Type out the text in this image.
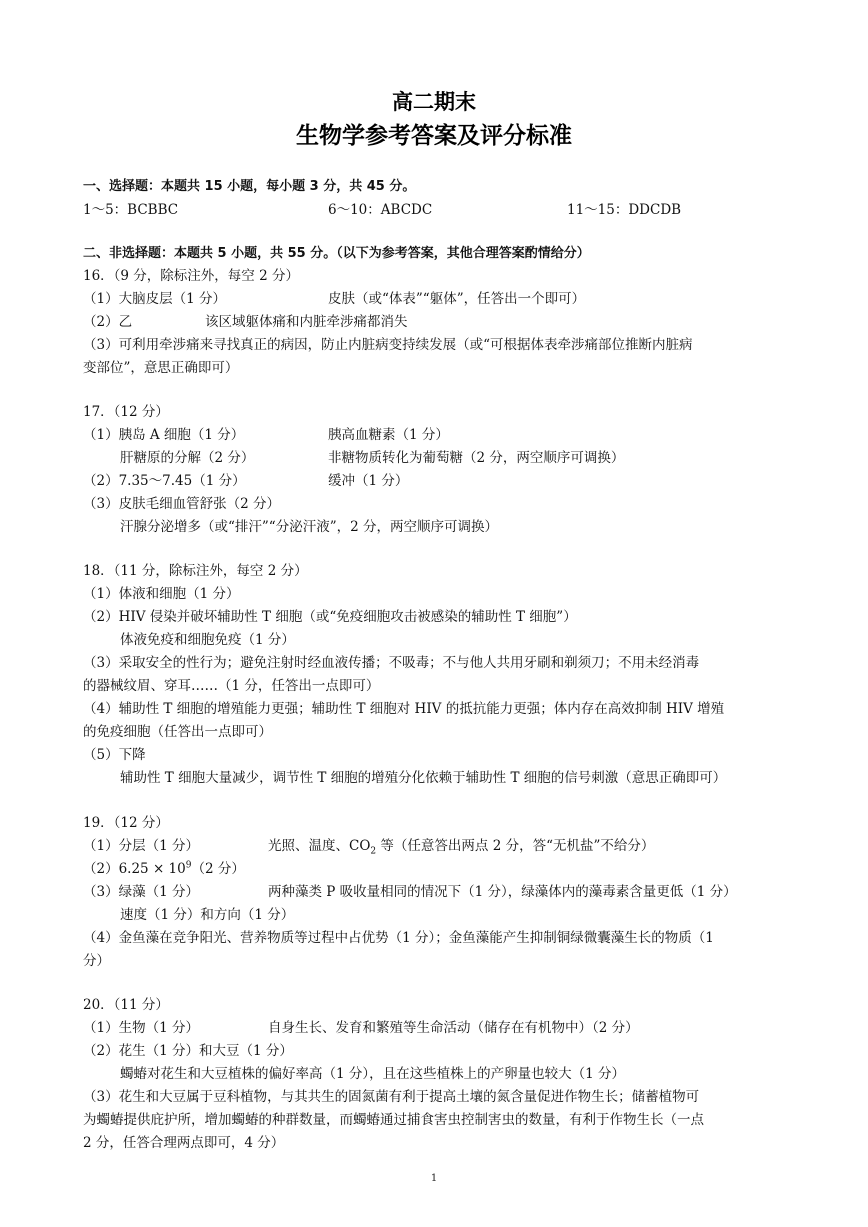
高二期末
生物学参考答案及评分标准
一、选择题：本题共 15 小题，每小题 3 分，共 45 分。
1～5：BCBBC	6～10：ABCDC	11～15：DDCDB
二、非选择题：本题共 5 小题，共 55 分。（以下为参考答案，其他合理答案酌情给分）
16．（9 分，除标注外，每空 2 分）
（1）大脑皮层（1 分）	皮肤（或“体表”“躯体”，任答出一个即可）
（2）乙	该区域躯体痛和内脏牵涉痛都消失
（3）可利用牵涉痛来寻找真正的病因，防止内脏病变持续发展（或“可根据体表牵涉痛部位推断内脏病
变部位”，意思正确即可）
17．（12 分）
（1）胰岛 A 细胞（1 分）	胰高血糖素（1 分）
肝糖原的分解（2 分）	非糖物质转化为葡萄糖（2 分，两空顺序可调换）
（2）7.35～7.45（1 分）	缓冲（1 分）
（3）皮肤毛细血管舒张（2 分）
汗腺分泌增多（或“排汗”“分泌汗液”，2 分，两空顺序可调换）
18．（11 分，除标注外，每空 2 分）
（1）体液和细胞（1 分）
（2）HIV 侵染并破坏辅助性 T 细胞（或“免疫细胞攻击被感染的辅助性 T 细胞”）
体液免疫和细胞免疫（1 分）
（3）采取安全的性行为；避免注射时经血液传播；不吸毒；不与他人共用牙刷和剃须刀；不用未经消毒
的器械纹眉、穿耳……（1 分，任答出一点即可）
（4）辅助性 T 细胞的增殖能力更强；辅助性 T 细胞对 HIV 的抵抗能力更强；体内存在高效抑制 HIV 增殖
的免疫细胞（任答出一点即可）
（5）下降
辅助性 T 细胞大量减少，调节性 T 细胞的增殖分化依赖于辅助性 T 细胞的信号刺激（意思正确即可）
19．（12 分）
（1）分层（1 分）	光照、温度、$CO_2$ 等（任意答出两点 2 分，答“无机盐”不给分）
$(2)6.25 \times 10^9(2$ 分）
（3）绿藻（1 分）	两种藻类 P 吸收量相同的情况下（1 分），绿藻体内的藻毒素含量更低（1 分）
速度（1 分）和方向（1 分）
（4）金鱼藻在竞争阳光、营养物质等过程中占优势（1 分）；金鱼藻能产生抑制铜绿微囊藻生长的物质（1
分）
20．（11 分）
（1）生物（1 分）	自身生长、发育和繁殖等生命活动（储存在有机物中）（2 分）
（2）花生（1 分）和大豆（1 分）
蠋蝽对花生和大豆植株的偏好率高（1 分），且在这些植株上的产卵量也较大（1 分）
（3）花生和大豆属于豆科植物，与其共生的固氮菌有利于提高土壤的氮含量促进作物生长；储蓄植物可
为蠋蝽提供庇护所，增加蠋蝽的种群数量，而蠋蝽通过捕食害虫控制害虫的数量，有利于作物生长（一点
2 分，任答合理两点即可，4 分）
1
